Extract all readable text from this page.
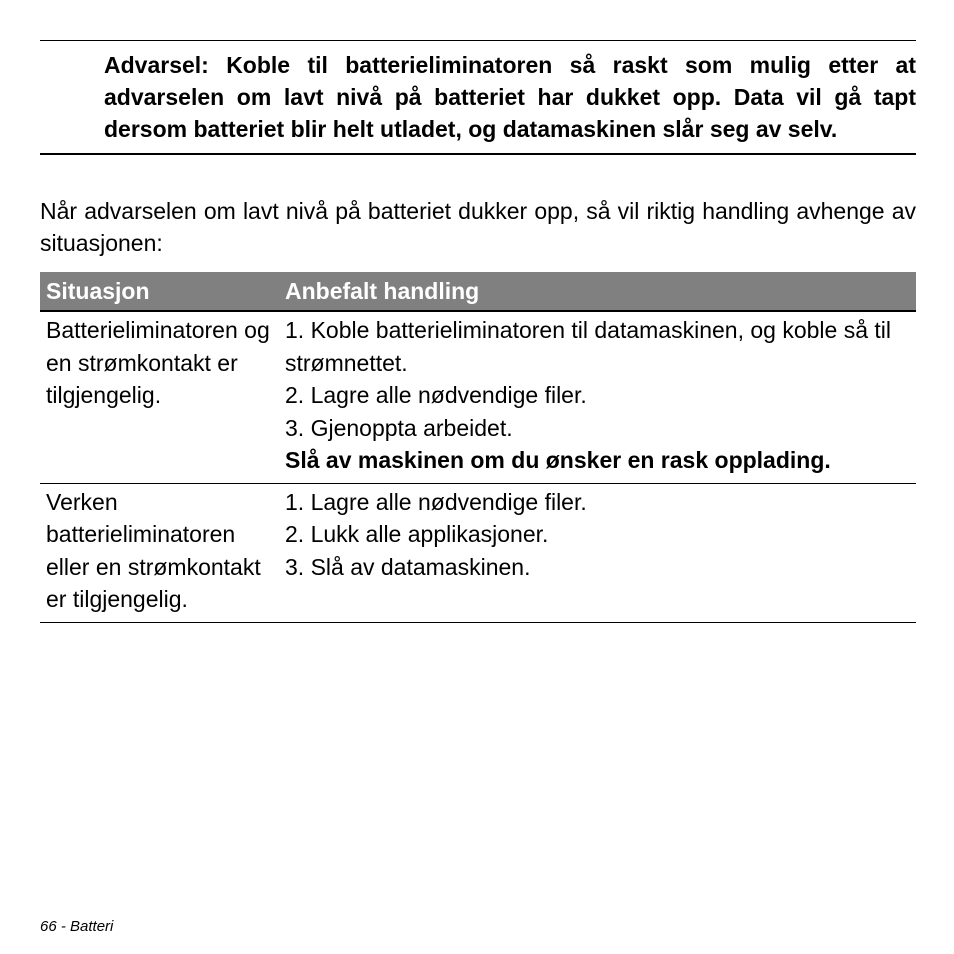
Advarsel: Koble til batterieliminatoren så raskt som mulig etter at advarselen om lavt nivå på batteriet har dukket opp. Data vil gå tapt dersom batteriet blir helt utladet, og datamaskinen slår seg av selv.

Når advarselen om lavt nivå på batteriet dukker opp, så vil riktig handling avhenge av situasjonen:

Situasjon	Anbefalt handling
Batterieliminatoren og en strømkontakt er tilgjengelig.	1. Koble batterieliminatoren til datamaskinen, og koble så til strømnettet.
2. Lagre alle nødvendige filer.
3. Gjenoppta arbeidet.
Slå av maskinen om du ønsker en rask opplading.

Verken batterieliminatoren eller en strømkontakt er tilgjengelig.	1. Lagre alle nødvendige filer.
2. Lukk alle applikasjoner.
3. Slå av datamaskinen.
66 - Batteri
